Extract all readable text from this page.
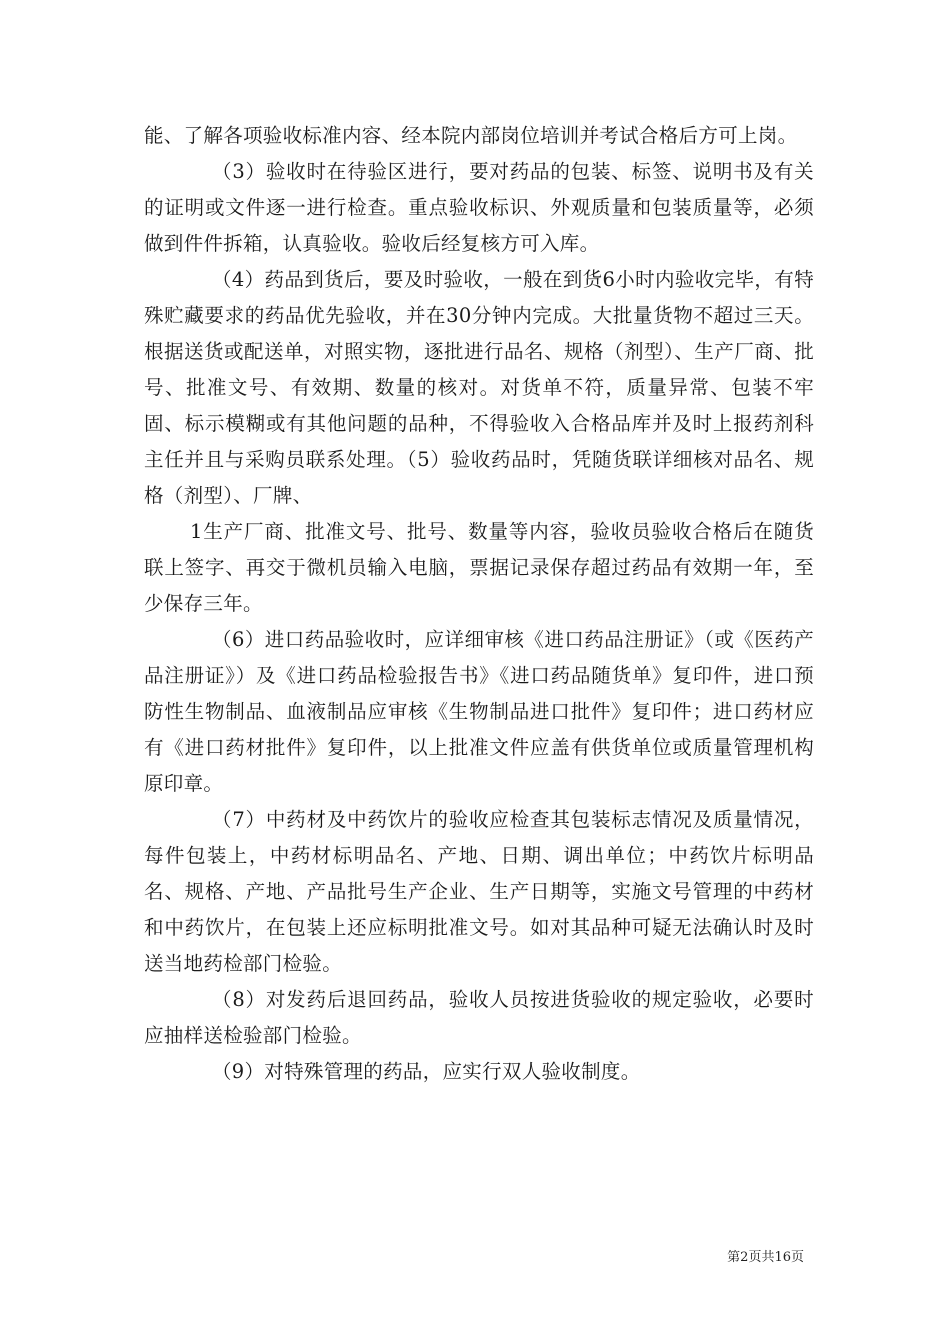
能、了解各项验收标准内容、经本院内部岗位培训并考试合格后方可上岗。

（3）验收时在待验区进行，要对药品的包装、标签、说明书及有关的证明或文件逐一进行检查。重点验收标识、外观质量和包装质量等，必须做到件件拆箱，认真验收。验收后经复核方可入库。

（4）药品到货后，要及时验收，一般在到货6小时内验收完毕，有特殊贮藏要求的药品优先验收，并在30分钟内完成。大批量货物不超过三天。根据送货或配送单，对照实物，逐批进行品名、规格（剂型）、生产厂商、批号、批准文号、有效期、数量的核对。对货单不符，质量异常、包装不牢固、标示模糊或有其他问题的品种，不得验收入合格品库并及时上报药剂科主任并且与采购员联系处理。（5）验收药品时，凭随货联详细核对品名、规格（剂型）、厂牌、

1生产厂商、批准文号、批号、数量等内容，验收员验收合格后在随货联上签字、再交于微机员输入电脑，票据记录保存超过药品有效期一年，至少保存三年。

（6）进口药品验收时，应详细审核《进口药品注册证》（或《医药产品注册证》）及《进口药品检验报告书》《进口药品随货单》复印件，进口预防性生物制品、血液制品应审核《生物制品进口批件》复印件；进口药材应有《进口药材批件》复印件，以上批准文件应盖有供货单位或质量管理机构原印章。

（7）中药材及中药饮片的验收应检查其包装标志情况及质量情况，每件包装上，中药材标明品名、产地、日期、调出单位；中药饮片标明品名、规格、产地、产品批号生产企业、生产日期等，实施文号管理的中药材和中药饮片，在包装上还应标明批准文号。如对其品种可疑无法确认时及时送当地药检部门检验。

（8）对发药后退回药品，验收人员按进货验收的规定验收，必要时应抽样送检验部门检验。

（9）对特殊管理的药品，应实行双人验收制度。

第2页共16页
